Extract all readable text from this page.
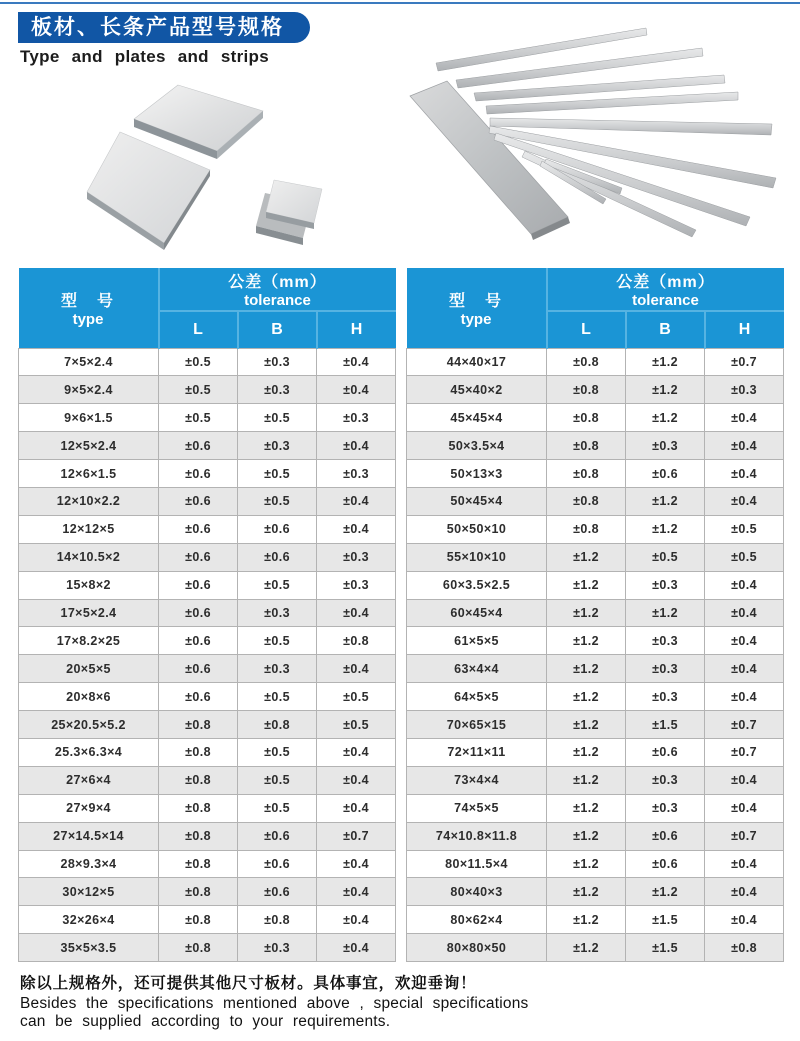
板材、长条产品型号规格
Type and plates and strips
型　号
type	公差（mm）
tolerance		

	L	B	H
7×5×2.4	±0.5	±0.3	±0.4
9×5×2.4	±0.5	±0.3	±0.4
9×6×1.5	±0.5	±0.5	±0.3
12×5×2.4	±0.6	±0.3	±0.4
12×6×1.5	±0.6	±0.5	±0.3
12×10×2.2	±0.6	±0.5	±0.4
12×12×5	±0.6	±0.6	±0.4
14×10.5×2	±0.6	±0.6	±0.3
15×8×2	±0.6	±0.5	±0.3
17×5×2.4	±0.6	±0.3	±0.4
17×8.2×25	±0.6	±0.5	±0.8
20×5×5	±0.6	±0.3	±0.4
20×8×6	±0.6	±0.5	±0.5
25×20.5×5.2	±0.8	±0.8	±0.5
25.3×6.3×4	±0.8	±0.5	±0.4
27×6×4	±0.8	±0.5	±0.4
27×9×4	±0.8	±0.5	±0.4
27×14.5×14	±0.8	±0.6	±0.7
28×9.3×4	±0.8	±0.6	±0.4
30×12×5	±0.8	±0.6	±0.4
32×26×4	±0.8	±0.8	±0.4
35×5×3.5	±0.8	±0.3	±0.4
型　号
type	公差（mm）
tolerance		

	L	B	H
44×40×17	±0.8	±1.2	±0.7
45×40×2	±0.8	±1.2	±0.3
45×45×4	±0.8	±1.2	±0.4
50×3.5×4	±0.8	±0.3	±0.4
50×13×3	±0.8	±0.6	±0.4
50×45×4	±0.8	±1.2	±0.4
50×50×10	±0.8	±1.2	±0.5
55×10×10	±1.2	±0.5	±0.5
60×3.5×2.5	±1.2	±0.3	±0.4
60×45×4	±1.2	±1.2	±0.4
61×5×5	±1.2	±0.3	±0.4
63×4×4	±1.2	±0.3	±0.4
64×5×5	±1.2	±0.3	±0.4
70×65×15	±1.2	±1.5	±0.7
72×11×11	±1.2	±0.6	±0.7
73×4×4	±1.2	±0.3	±0.4
74×5×5	±1.2	±0.3	±0.4
74×10.8×11.8	±1.2	±0.6	±0.7
80×11.5×4	±1.2	±0.6	±0.4
80×40×3	±1.2	±1.2	±0.4
80×62×4	±1.2	±1.5	±0.4
80×80×50	±1.2	±1.5	±0.8
除以上规格外，还可提供其他尺寸板材。具体事宜，欢迎垂询！
Besides the specifications mentioned above , special specifications
can be supplied according to your requirements.
